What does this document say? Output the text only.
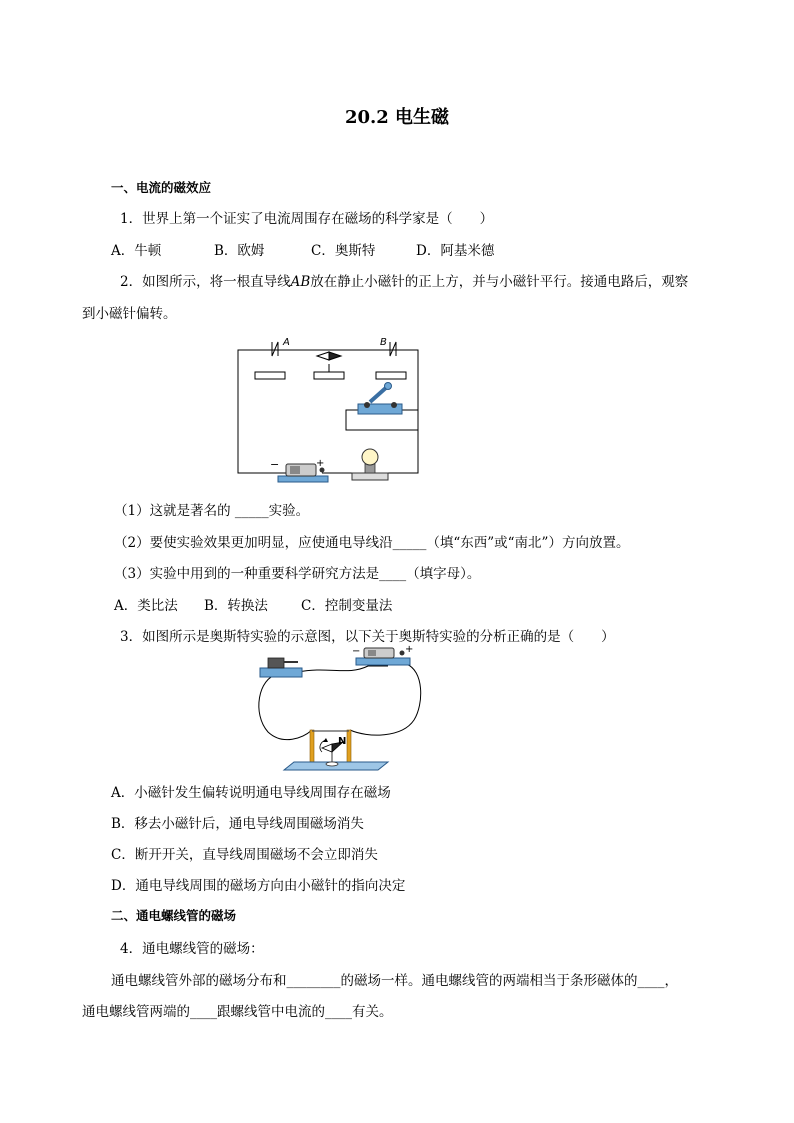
20.2 电生磁
一、电流的磁效应
1．世界上第一个证实了电流周围存在磁场的科学家是（　　）
A．牛顿	B．欧姆	C．奥斯特	D．阿基米德
2．如图所示，将一根直导线AB放在静止小磁针的正上方，并与小磁针平行。接通电路后，观察
到小磁针偏转。
A	B
−	+
（1）这就是著名的 _____实验。
（2）要使实验效果更加明显，应使通电导线沿_____（填“东西”或“南北”）方向放置。
（3）实验中用到的一种重要科学研究方法是____（填字母）。
A．类比法 B．转换法 C．控制变量法
3．如图所示是奥斯特实验的示意图，以下关于奥斯特实验的分析正确的是（　　）
−	+
N
A．小磁针发生偏转说明通电导线周围存在磁场
B．移去小磁针后，通电导线周围磁场消失
C．断开开关，直导线周围磁场不会立即消失
D．通电导线周围的磁场方向由小磁针的指向决定
二、通电螺线管的磁场
4．通电螺线管的磁场：
通电螺线管外部的磁场分布和________的磁场一样。通电螺线管的两端相当于条形磁体的____，
通电螺线管两端的____跟螺线管中电流的____有关。
